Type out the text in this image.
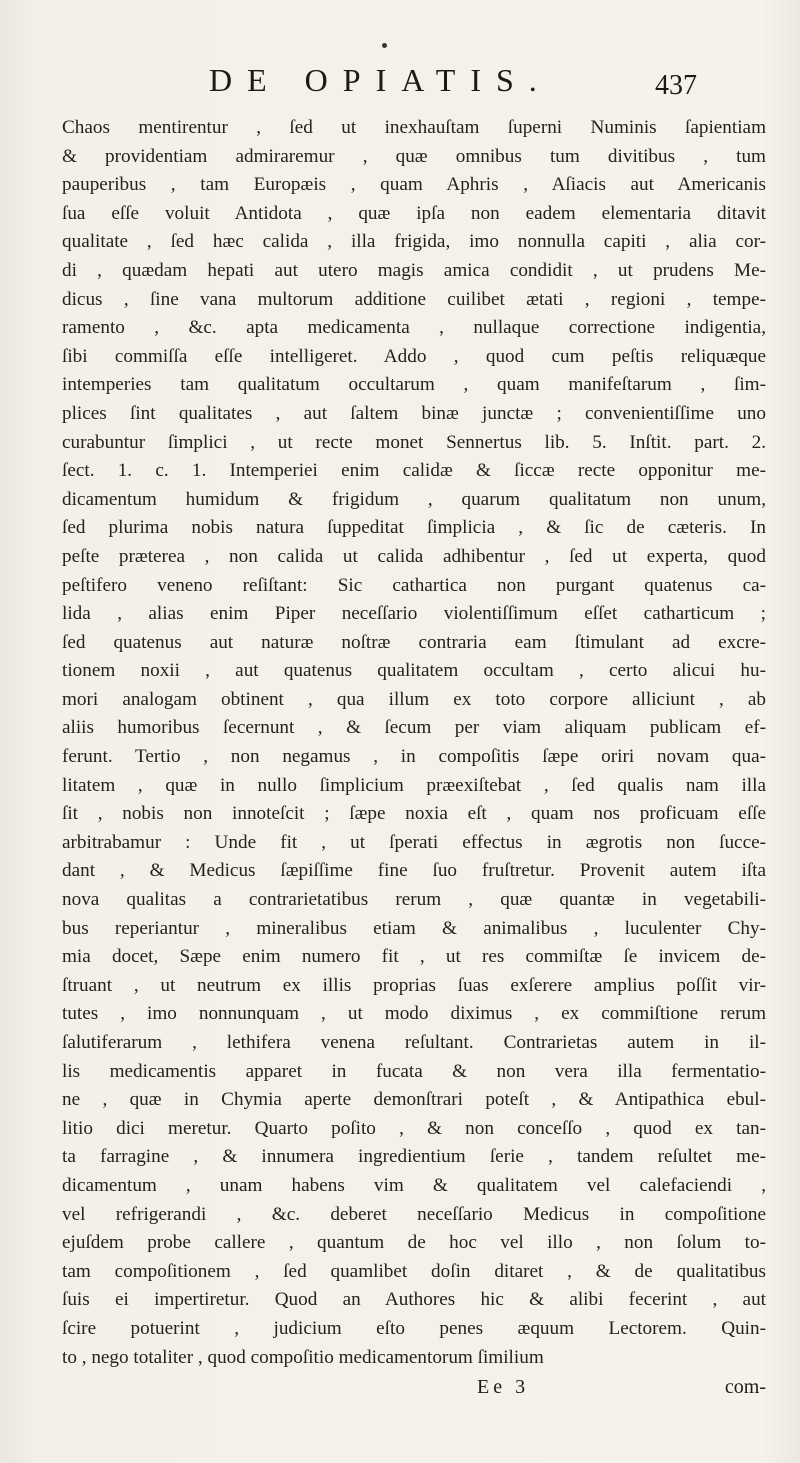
DE OPIATIS.	437
Chaos mentirentur , ſed ut inexhauſtam ſuperni Numinis ſapientiam
& providentiam admiraremur , quæ omnibus tum divitibus , tum
pauperibus , tam Europæis , quam Aphris , Aſiacis aut Americanis
ſua eſſe voluit Antidota , quæ ipſa non eadem elementaria ditavit
qualitate , ſed hæc calida , illa frigida, imo nonnulla capiti , alia cor-
di , quædam hepati aut utero magis amica condidit , ut prudens Me-
dicus , ſine vana multorum additione cuilibet ætati , regioni , tempe-
ramento , &c. apta medicamenta , nullaque correctione indigentia,
ſibi commiſſa eſſe intelligeret. Addo , quod cum peſtis reliquæque
intemperies tam qualitatum occultarum , quam manifeſtarum , ſim-
plices ſint qualitates , aut ſaltem binæ junctæ ; convenientiſſime uno
curabuntur ſimplici , ut recte monet Sennertus lib. 5. Inſtit. part. 2.
ſect. 1. c. 1. Intemperiei enim calidæ & ſiccæ recte opponitur me-
dicamentum humidum & frigidum , quarum qualitatum non unum,
ſed plurima nobis natura ſuppeditat ſimplicia , & ſic de cæteris. In
peſte præterea , non calida ut calida adhibentur , ſed ut experta, quod
peſtifero veneno reſiſtant: Sic cathartica non purgant quatenus ca-
lida , alias enim Piper neceſſario violentiſſimum eſſet catharticum ;
ſed quatenus aut naturæ noſtræ contraria eam ſtimulant ad excre-
tionem noxii , aut quatenus qualitatem occultam , certo alicui hu-
mori analogam obtinent , qua illum ex toto corpore alliciunt , ab
aliis humoribus ſecernunt , & ſecum per viam aliquam publicam ef-
ferunt. Tertio , non negamus , in compoſitis ſæpe oriri novam qua-
litatem , quæ in nullo ſimplicium præexiſtebat , ſed qualis nam illa
ſit , nobis non innoteſcit ; ſæpe noxia eſt , quam nos proficuam eſſe
arbitrabamur : Unde fit , ut ſperati effectus in ægrotis non ſucce-
dant , & Medicus ſæpiſſime fine ſuo fruſtretur. Provenit autem iſta
nova qualitas a contrarietatibus rerum , quæ quantæ in vegetabili-
bus reperiantur , mineralibus etiam & animalibus , luculenter Chy-
mia docet, Sæpe enim numero fit , ut res commiſtæ ſe invicem de-
ſtruant , ut neutrum ex illis proprias ſuas exſerere amplius poſſit vir-
tutes , imo nonnunquam , ut modo diximus , ex commiſtione rerum
ſalutiferarum , lethifera venena reſultant. Contrarietas autem in il-
lis medicamentis apparet in fucata & non vera illa fermentatio-
ne , quæ in Chymia aperte demonſtrari poteſt , & Antipathica ebul-
litio dici meretur. Quarto poſito , & non conceſſo , quod ex tan-
ta farragine , & innumera ingredientium ſerie , tandem reſultet me-
dicamentum , unam habens vim & qualitatem vel calefaciendi ,
vel refrigerandi , &c. deberet neceſſario Medicus in compoſitione
ejuſdem probe callere , quantum de hoc vel illo , non ſolum to-
tam compoſitionem , ſed quamlibet doſin ditaret , & de qualitatibus
ſuis ei impertiretur. Quod an Authores hic & alibi fecerint , aut
ſcire potuerint , judicium eſto penes æquum Lectorem. Quin-
to , nego totaliter , quod compoſitio medicamentorum ſimilium
Ee 3	com-
